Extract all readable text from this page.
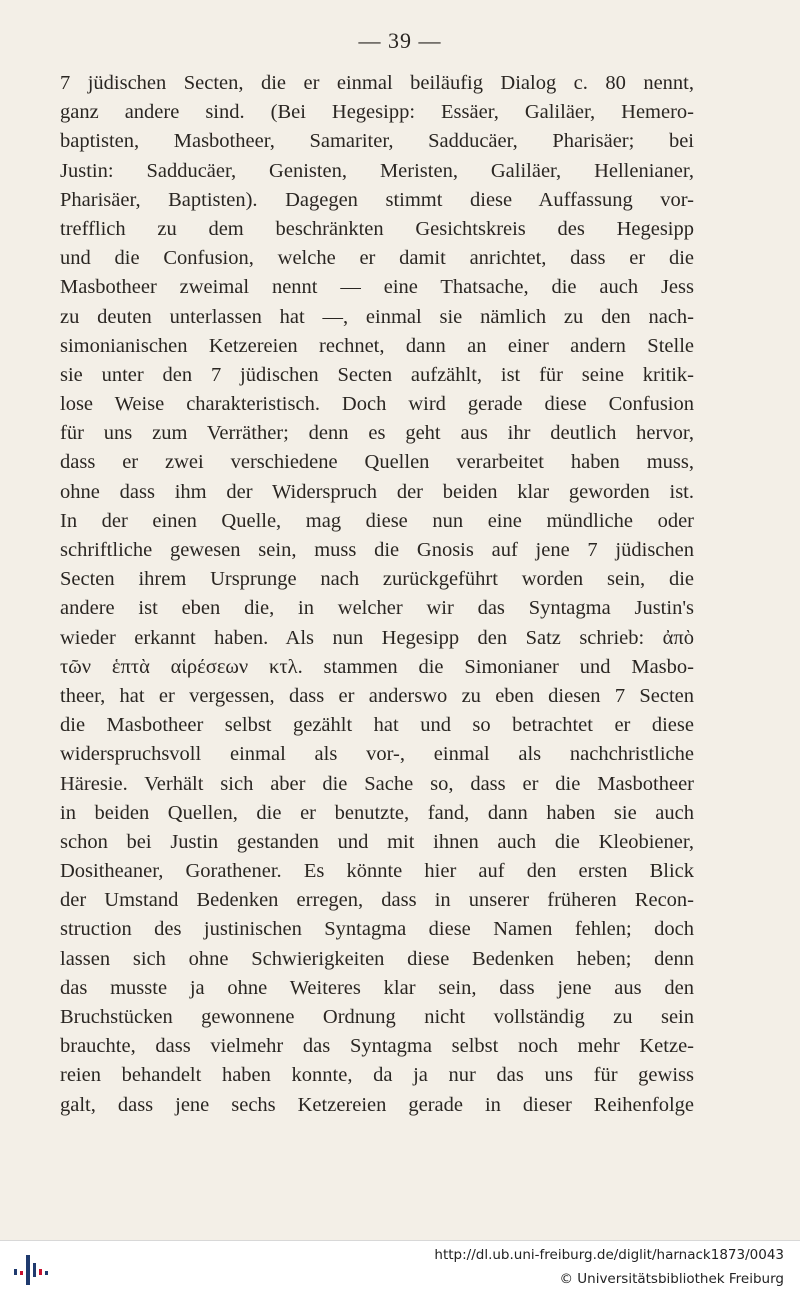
— 39 —
7 jüdischen Secten, die er einmal beiläufig Dialog c. 80 nennt,
ganz andere sind. (Bei Hegesipp: Essäer, Galiläer, Hemero-
baptisten, Masbotheer, Samariter, Sadducäer, Pharisäer; bei
Justin: Sadducäer, Genisten, Meristen, Galiläer, Hellenianer,
Pharisäer, Baptisten). Dagegen stimmt diese Auffassung vor-
trefflich zu dem beschränkten Gesichtskreis des Hegesipp
und die Confusion, welche er damit anrichtet, dass er die
Masbotheer zweimal nennt — eine Thatsache, die auch Jess
zu deuten unterlassen hat —, einmal sie nämlich zu den nach-
simonianischen Ketzereien rechnet, dann an einer andern Stelle
sie unter den 7 jüdischen Secten aufzählt, ist für seine kritik-
lose Weise charakteristisch. Doch wird gerade diese Confusion
für uns zum Verräther; denn es geht aus ihr deutlich hervor,
dass er zwei verschiedene Quellen verarbeitet haben muss,
ohne dass ihm der Widerspruch der beiden klar geworden ist.
In der einen Quelle, mag diese nun eine mündliche oder
schriftliche gewesen sein, muss die Gnosis auf jene 7 jüdischen
Secten ihrem Ursprunge nach zurückgeführt worden sein, die
andere ist eben die, in welcher wir das Syntagma Justin's
wieder erkannt haben. Als nun Hegesipp den Satz schrieb: ἀπὸ
τῶν ἑπτὰ αἱρέσεων κτλ. stammen die Simonianer und Masbo-
theer, hat er vergessen, dass er anderswo zu eben diesen 7 Secten
die Masbotheer selbst gezählt hat und so betrachtet er diese
widerspruchsvoll einmal als vor-, einmal als nachchristliche
Häresie. Verhält sich aber die Sache so, dass er die Masbotheer
in beiden Quellen, die er benutzte, fand, dann haben sie auch
schon bei Justin gestanden und mit ihnen auch die Kleobiener,
Dositheaner, Gorathener. Es könnte hier auf den ersten Blick
der Umstand Bedenken erregen, dass in unserer früheren Recon-
struction des justinischen Syntagma diese Namen fehlen; doch
lassen sich ohne Schwierigkeiten diese Bedenken heben; denn
das musste ja ohne Weiteres klar sein, dass jene aus den
Bruchstücken gewonnene Ordnung nicht vollständig zu sein
brauchte, dass vielmehr das Syntagma selbst noch mehr Ketze-
reien behandelt haben konnte, da ja nur das uns für gewiss
galt, dass jene sechs Ketzereien gerade in dieser Reihenfolge
http://dl.ub.uni-freiburg.de/diglit/harnack1873/0043
© Universitätsbibliothek Freiburg
